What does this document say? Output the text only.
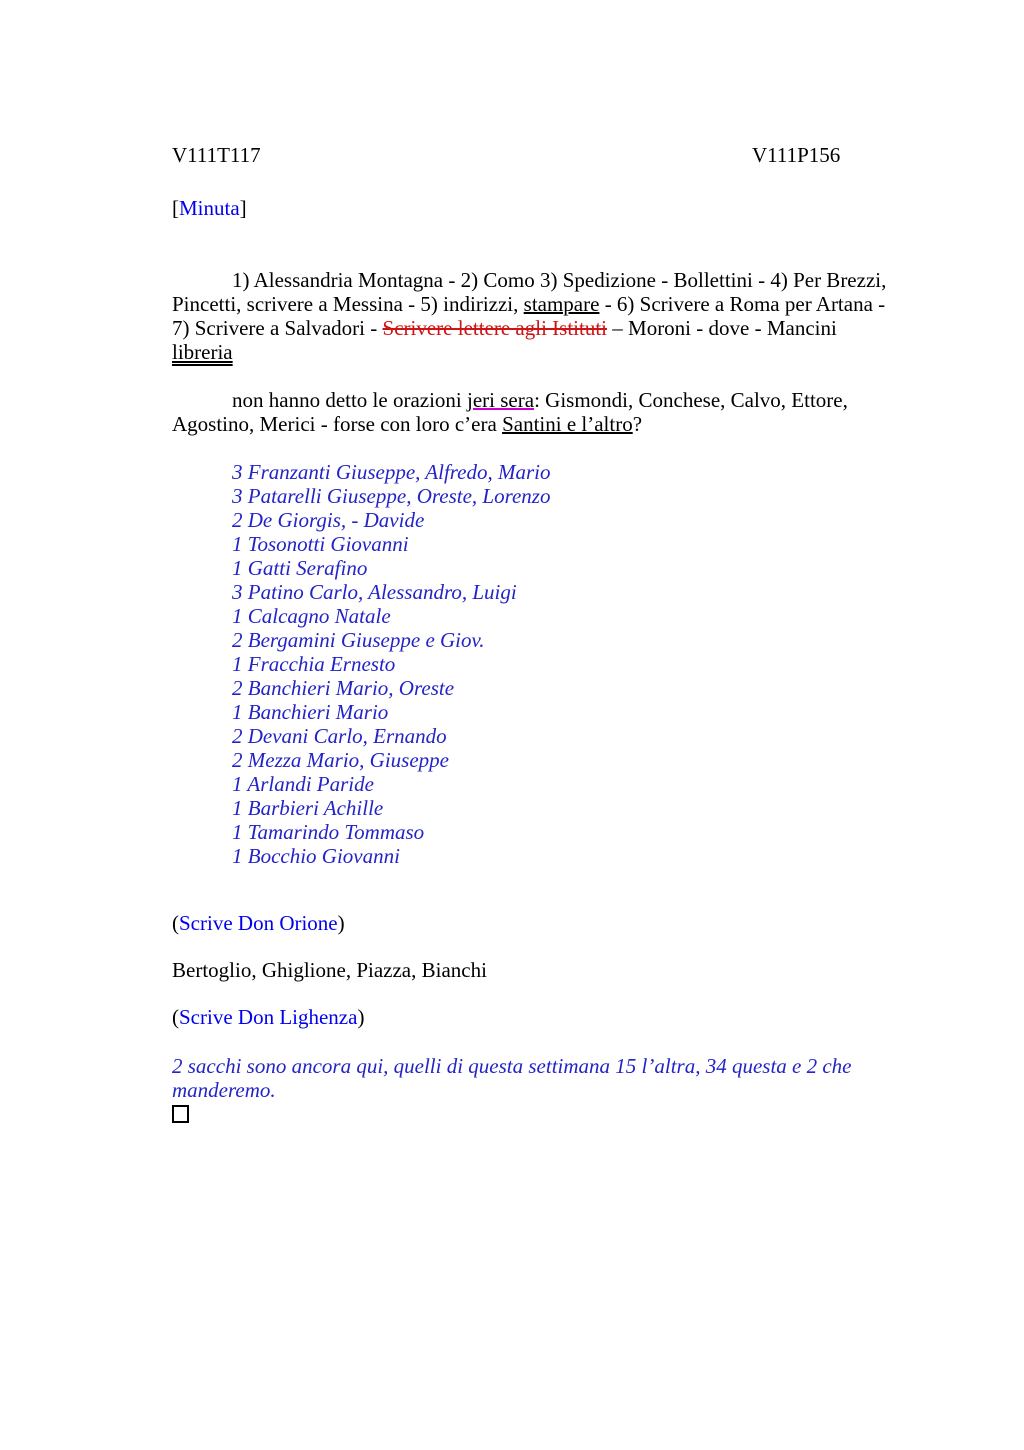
V111T117	V111P156
[Minuta]

1) Alessandria Montagna - 2) Como 3) Spedizione - Bollettini - 4) Per Brezzi, Pincetti, scrivere a Messina - 5) indirizzi, stampare - 6) Scrivere a Roma per Artana - 7) Scrivere a Salvadori - Scrivere lettere agli Istituti – Moroni - dove - Mancini libreria

non hanno detto le orazioni jeri sera: Gismondi, Conchese, Calvo, Ettore, Agostino, Merici - forse con loro c’era Santini e l’altro?

3 Franzanti Giuseppe, Alfredo, Mario
3 Patarelli Giuseppe, Oreste, Lorenzo
2 De Giorgis, - Davide
1 Tosonotti Giovanni
1 Gatti Serafino
3 Patino Carlo, Alessandro, Luigi
1 Calcagno Natale
2 Bergamini Giuseppe e Giov.
1 Fracchia Ernesto
2 Banchieri Mario, Oreste
1 Banchieri Mario
2 Devani Carlo, Ernando
2 Mezza Mario, Giuseppe
1 Arlandi Paride
1 Barbieri Achille
1 Tamarindo Tommaso
1 Bocchio Giovanni

(Scrive Don Orione)

Bertoglio, Ghiglione, Piazza, Bianchi

(Scrive Don Lighenza)

2 sacchi sono ancora qui, quelli di questa settimana 15 l’altra, 34 questa e 2 che manderemo.
